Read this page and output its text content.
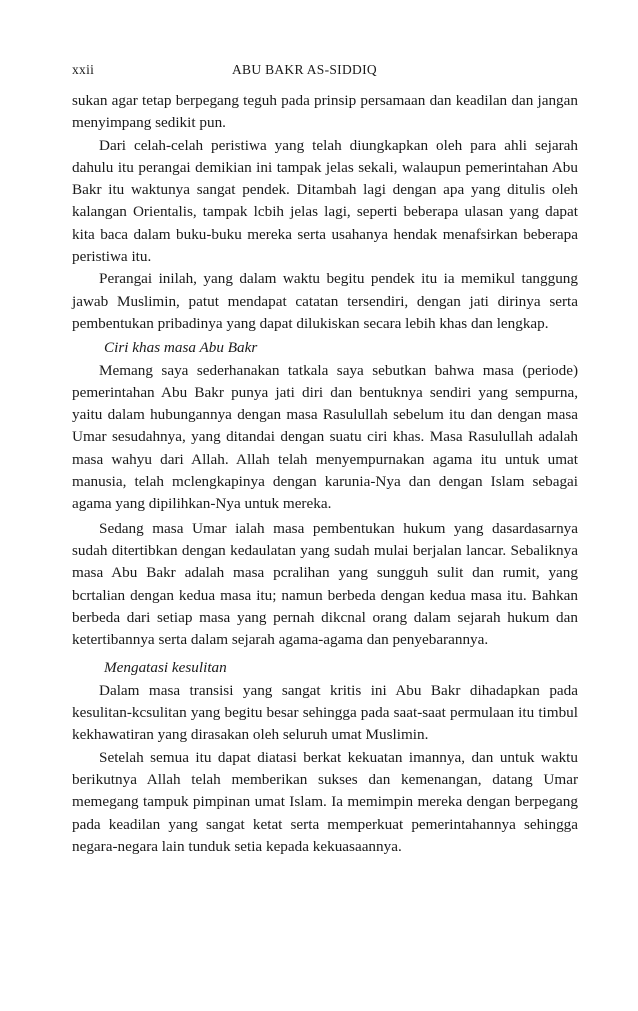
xxii	ABU BAKR AS-SIDDIQ

sukan agar tetap berpegang teguh pada prinsip persamaan dan keadilan dan jangan menyimpang sedikit pun.

Dari celah-celah peristiwa yang telah diungkapkan oleh para ahli sejarah dahulu itu perangai demikian ini tampak jelas sekali, walaupun pemerintahan Abu Bakr itu waktunya sangat pendek. Ditambah lagi dengan apa yang ditulis oleh kalangan Orientalis, tampak lcbih jelas lagi, seperti beberapa ulasan yang dapat kita baca dalam buku-buku mereka serta usahanya hendak menafsirkan beberapa peristiwa itu.

Perangai inilah, yang dalam waktu begitu pendek itu ia memikul tanggung jawab Muslimin, patut mendapat catatan tersendiri, dengan jati dirinya serta pembentukan pribadinya yang dapat dilukiskan secara lebih khas dan lengkap.

Ciri khas masa Abu Bakr

Memang saya sederhanakan tatkala saya sebutkan bahwa masa (periode) pemerintahan Abu Bakr punya jati diri dan bentuknya sendiri yang sempurna, yaitu dalam hubungannya dengan masa Rasulullah sebelum itu dan dengan masa Umar sesudahnya, yang ditandai dengan suatu ciri khas. Masa Rasulullah adalah masa wahyu dari Allah. Allah telah menyempurnakan agama itu untuk umat manusia, telah mclengkapinya dengan karunia-Nya dan dengan Islam sebagai agama yang dipilihkan-Nya untuk mereka.

Sedang masa Umar ialah masa pembentukan hukum yang dasardasarnya sudah ditertibkan dengan kedaulatan yang sudah mulai berjalan lancar. Sebaliknya masa Abu Bakr adalah masa pcralihan yang sungguh sulit dan rumit, yang bcrtalian dengan kedua masa itu; namun berbeda dengan kedua masa itu. Bahkan berbeda dari setiap masa yang pernah dikcnal orang dalam sejarah hukum dan ketertibannya serta dalam sejarah agama-agama dan penyebarannya.

Mengatasi kesulitan

Dalam masa transisi yang sangat kritis ini Abu Bakr dihadapkan pada kesulitan-kcsulitan yang begitu besar sehingga pada saat-saat permulaan itu timbul kekhawatiran yang dirasakan oleh seluruh umat Muslimin.

Setelah semua itu dapat diatasi berkat kekuatan imannya, dan untuk waktu berikutnya Allah telah memberikan sukses dan kemenangan, datang Umar memegang tampuk pimpinan umat Islam. Ia memimpin mereka dengan berpegang pada keadilan yang sangat ketat serta memperkuat pemerintahannya sehingga negara-negara lain tunduk setia kepada kekuasaannya.
